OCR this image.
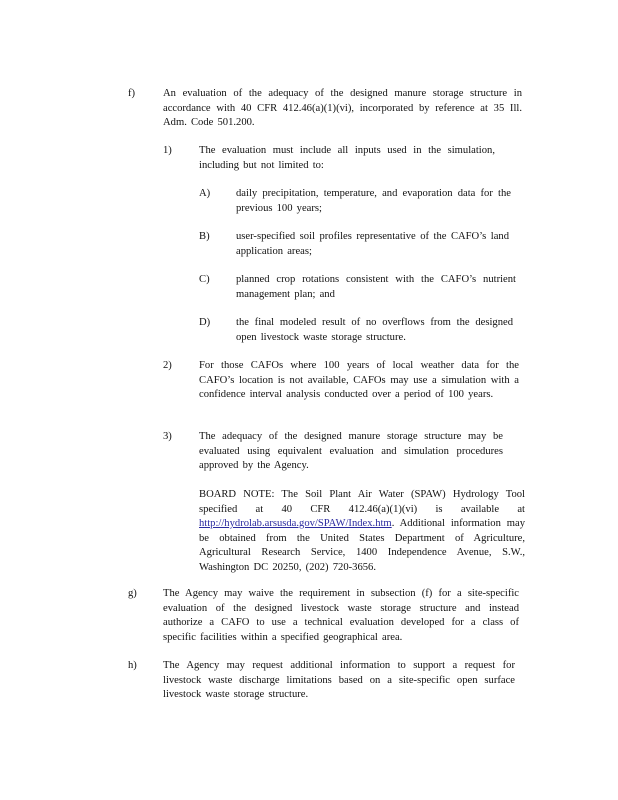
f)	An evaluation of the adequacy of the designed manure storage structure in accordance with 40 CFR 412.46(a)(1)(vi), incorporated by reference at 35 Ill. Adm. Code 501.200.
1)	The evaluation must include all inputs used in the simulation, including but not limited to:
A) daily precipitation, temperature, and evaporation data for the previous 100 years;
B) user-specified soil profiles representative of the CAFO’s land application areas;
C) planned crop rotations consistent with the CAFO’s nutrient management plan; and
D) the final modeled result of no overflows from the designed open livestock waste storage structure.
2)	For those CAFOs where 100 years of local weather data for the CAFO’s location is not available, CAFOs may use a simulation with a confidence interval analysis conducted over a period of 100 years.
3)	The adequacy of the designed manure storage structure may be evaluated using equivalent evaluation and simulation procedures approved by the Agency.
BOARD NOTE: The Soil Plant Air Water (SPAW) Hydrology Tool specified at 40 CFR 412.46(a)(1)(vi) is available at http://hydrolab.arsusda.gov/SPAW/Index.htm. Additional information may be obtained from the United States Department of Agriculture, Agricultural Research Service, 1400 Independence Avenue, S.W., Washington DC 20250, (202) 720-3656.
g) The Agency may waive the requirement in subsection (f) for a site-specific evaluation of the designed livestock waste storage structure and instead authorize a CAFO to use a technical evaluation developed for a class of specific facilities within a specified geographical area.
h) The Agency may request additional information to support a request for livestock waste discharge limitations based on a site-specific open surface livestock waste storage structure.
